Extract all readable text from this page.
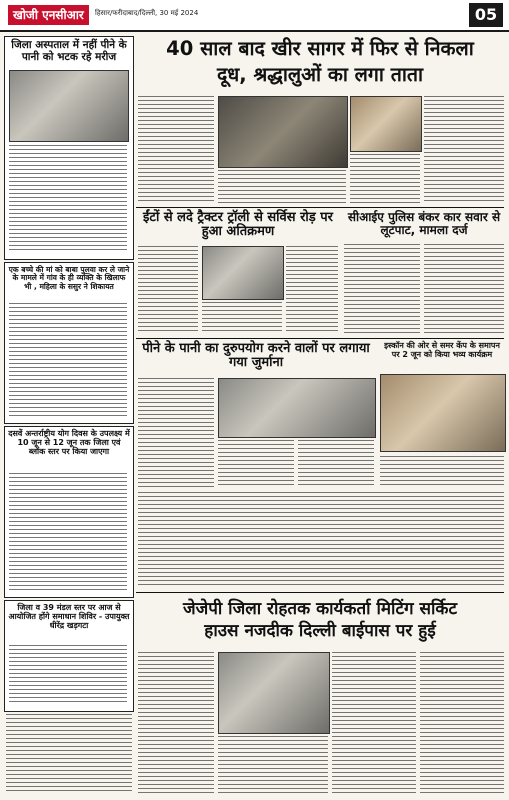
खोजी एनसीआर	हिसार/फरीदाबाद/दिल्ली, 30 मई 2024	05
जिला अस्पताल में नहीं पीने के पानी को भटक रहे मरीज	40 साल बाद खीर सागर में फिर से निकला
दूध, श्रद्धालुओं का लगा ताता
ईंटों से लदे ट्रैक्टर ट्रॉली से सर्विस रोड़ पर हुआ अतिक्रमण
सीआईए पुलिस बंकर कार सवार से लूटपाट, मामला दर्ज
एक बच्चे की मां को बाबा पुलवा कर ले जाने के मामले में गांव के ही व्यक्ति के खिलाफ भी , महिला के ससुर ने शिकायत
दसवें अन्तर्राष्ट्रीय योग दिवस के उपलक्ष्य में 10 जून से 12 जून तक जिला एवं ब्लॉक स्तर पर किया जाएगा
जिला व 39 मंडल स्तर पर आज से आयोजित होंगे समाधान शिविर - उपायुक्त धीरेंद्र खड़गटा
पीने के पानी का दुरुपयोग करने वालों पर लगाया गया जुर्माना
इस्कॉन की ओर से समर केंप के समापन पर 2 जून को किया भव्य कार्यक्रम
जेजेपी जिला रोहतक कार्यकर्ता मिटिंग सर्किट
हाउस नजदीक दिल्ली बाईपास पर हुई
